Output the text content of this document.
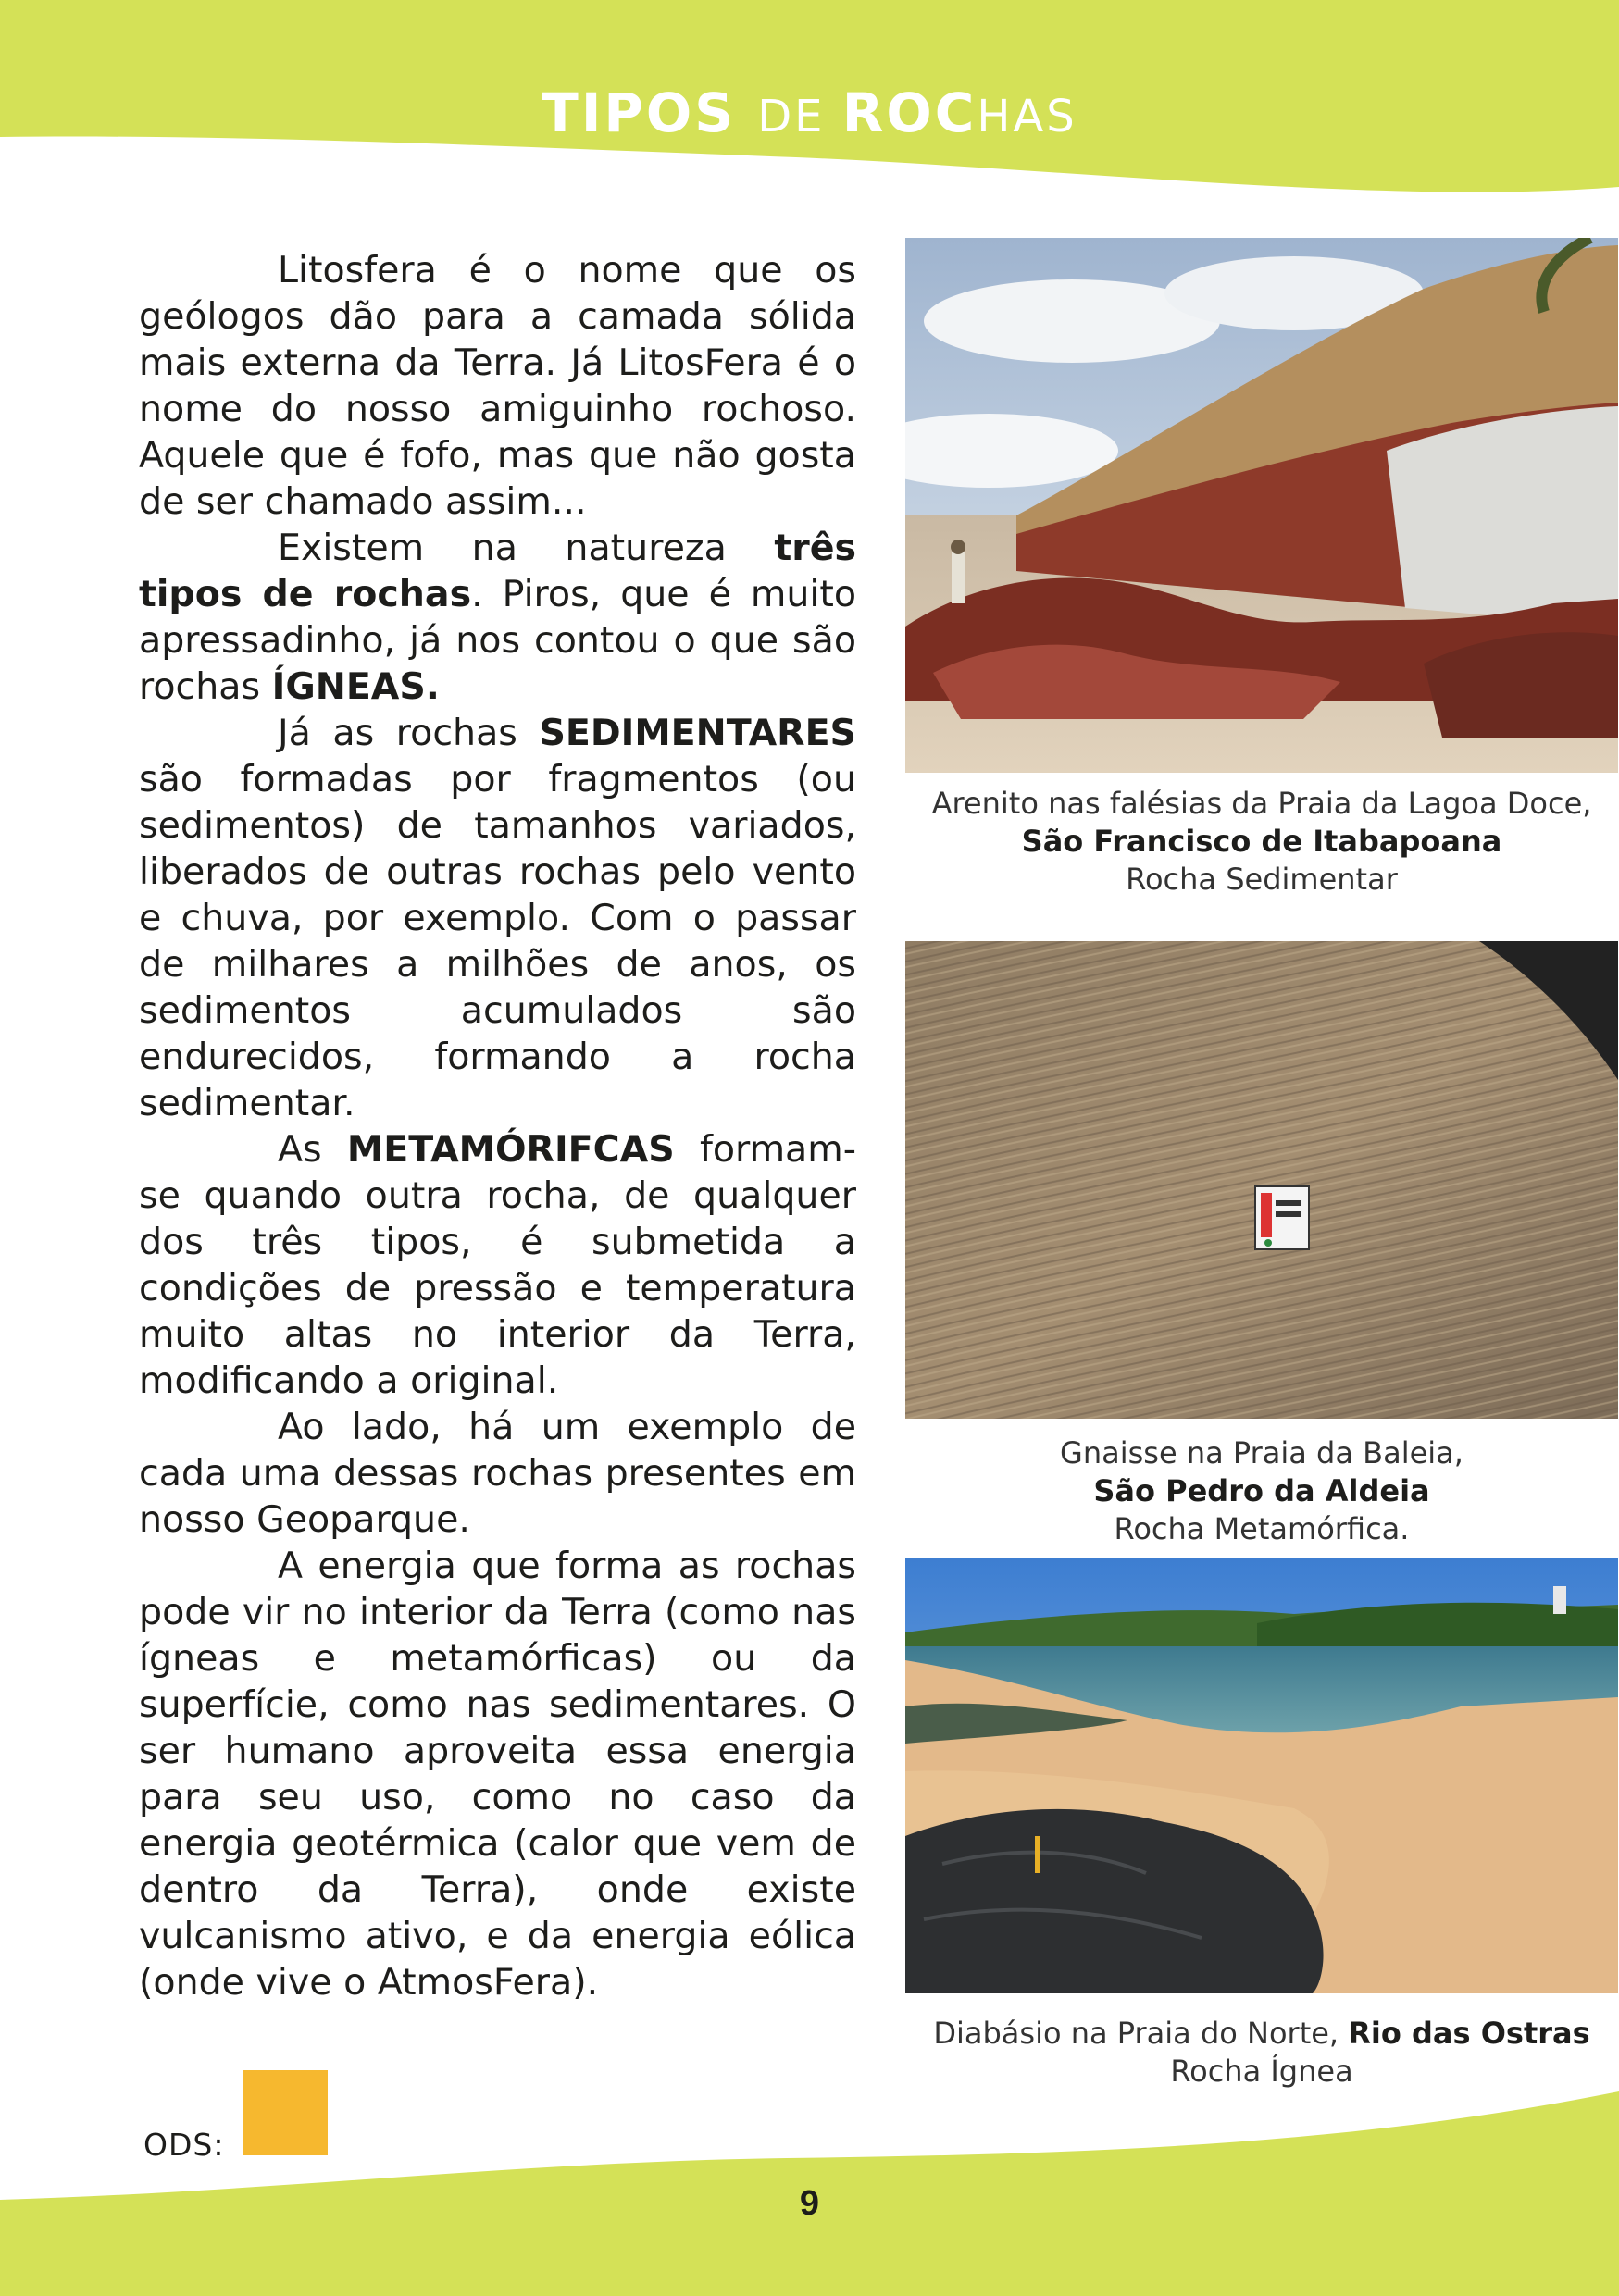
TIPOS DE ROCHAS

Litosfera é o nome que os geólogos dão para a camada sólida mais externa da Terra. Já LitosFera é o nome do nosso amiguinho rochoso. Aquele que é fofo, mas que não gosta de ser chamado assim...

Existem na natureza três tipos de rochas. Piros, que é muito apressadinho, já nos contou o que são rochas ÍGNEAS.

Já as rochas SEDIMENTARES são formadas por fragmentos (ou sedimentos) de tamanhos variados, liberados de outras rochas pelo vento e chuva, por exemplo. Com o passar de milhares a milhões de anos, os sedimentos acumulados são endurecidos, formando a rocha sedimentar.

As METAMÓRIFCAS formam-se quando outra rocha, de qualquer dos três tipos, é submetida a condições de pressão e temperatura muito altas no interior da Terra, modificando a original.

Ao lado, há um exemplo de cada uma dessas rochas presentes em nosso Geoparque.

A energia que forma as rochas pode vir no interior da Terra (como nas ígneas e metamórficas) ou da superfície, como nas sedimentares. O ser humano aproveita essa energia para seu uso, como no caso da energia geotérmica (calor que vem de dentro da Terra), onde existe vulcanismo ativo, e da energia eólica (onde vive o AtmosFera).

Arenito nas falésias da Praia da Lagoa Doce,
São Francisco de Itabapoana
Rocha Sedimentar
Gnaisse na Praia da Baleia,
São Pedro da Aldeia
Rocha Metamórfica.
Diabásio na Praia do Norte, Rio das Ostras
Rocha Ígnea
ODS:
9
